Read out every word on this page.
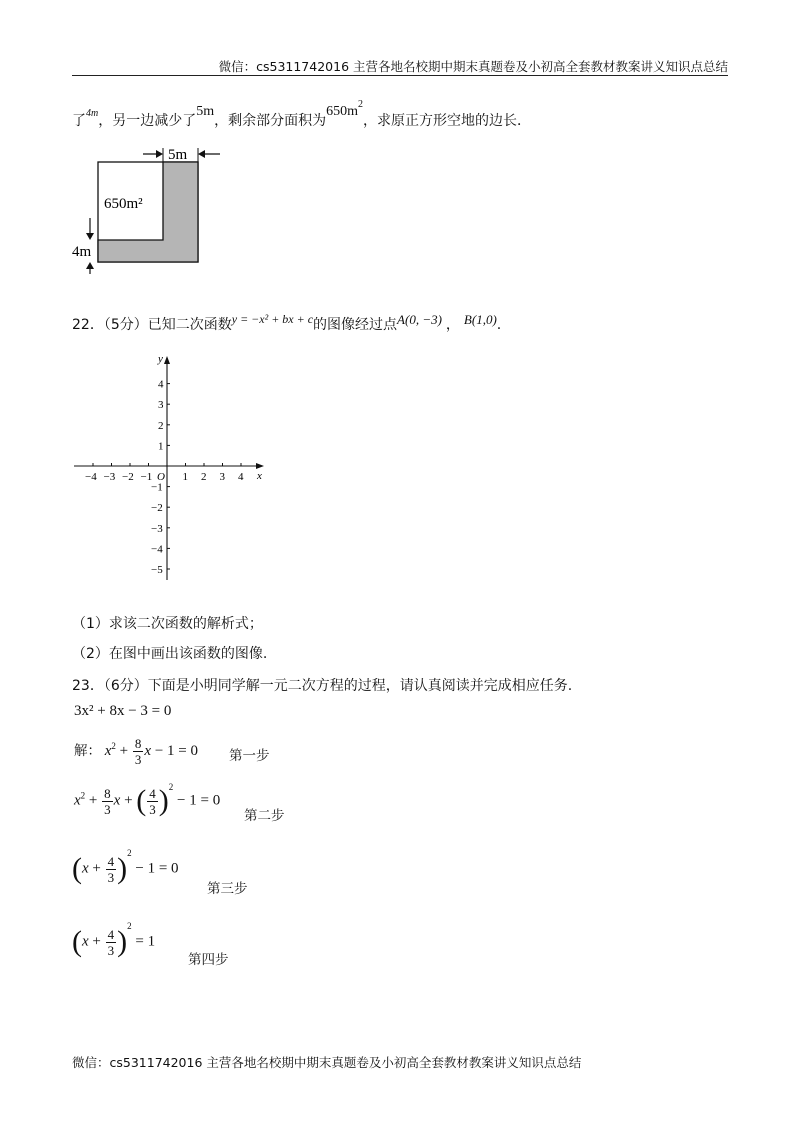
微信：cs5311742016 主营各地名校期中期末真题卷及小初高全套教材教案讲义知识点总结
了$^{4m}$，另一边减少了5m，剩余部分面积为$650m^2$，求原正方形空地的边长．
5m
650m²
4m
22．（5分）已知二次函数y = −x² + bx + c的图像经过点A(0, −3) ， B(1,0).
x
y
O
−4 −3 −2 −1	1 2 3 4
4
3
2
1
−1
−2
−3
−4
−5
（1）求该二次函数的解析式；
（2）在图中画出该函数的图像.
23．（6分）下面是小明同学解一元二次方程的过程，请认真阅读并完成相应任务.
3x² + 8x − 3 = 0
解： $x^2 + \frac{8}{3}$ x − 1 = 0 第一步
$x^2 + \frac{8}{3}$ x + ( $\frac{4}{3} )^2 - 1 = 0$
第二步
$(x + \frac{4}{3} )^2 - 1 = 0$
第三步
$(x + \frac{4}{3} )^2 = 1$
第四步
微信：cs5311742016 主营各地名校期中期末真题卷及小初高全套教材教案讲义知识点总结
